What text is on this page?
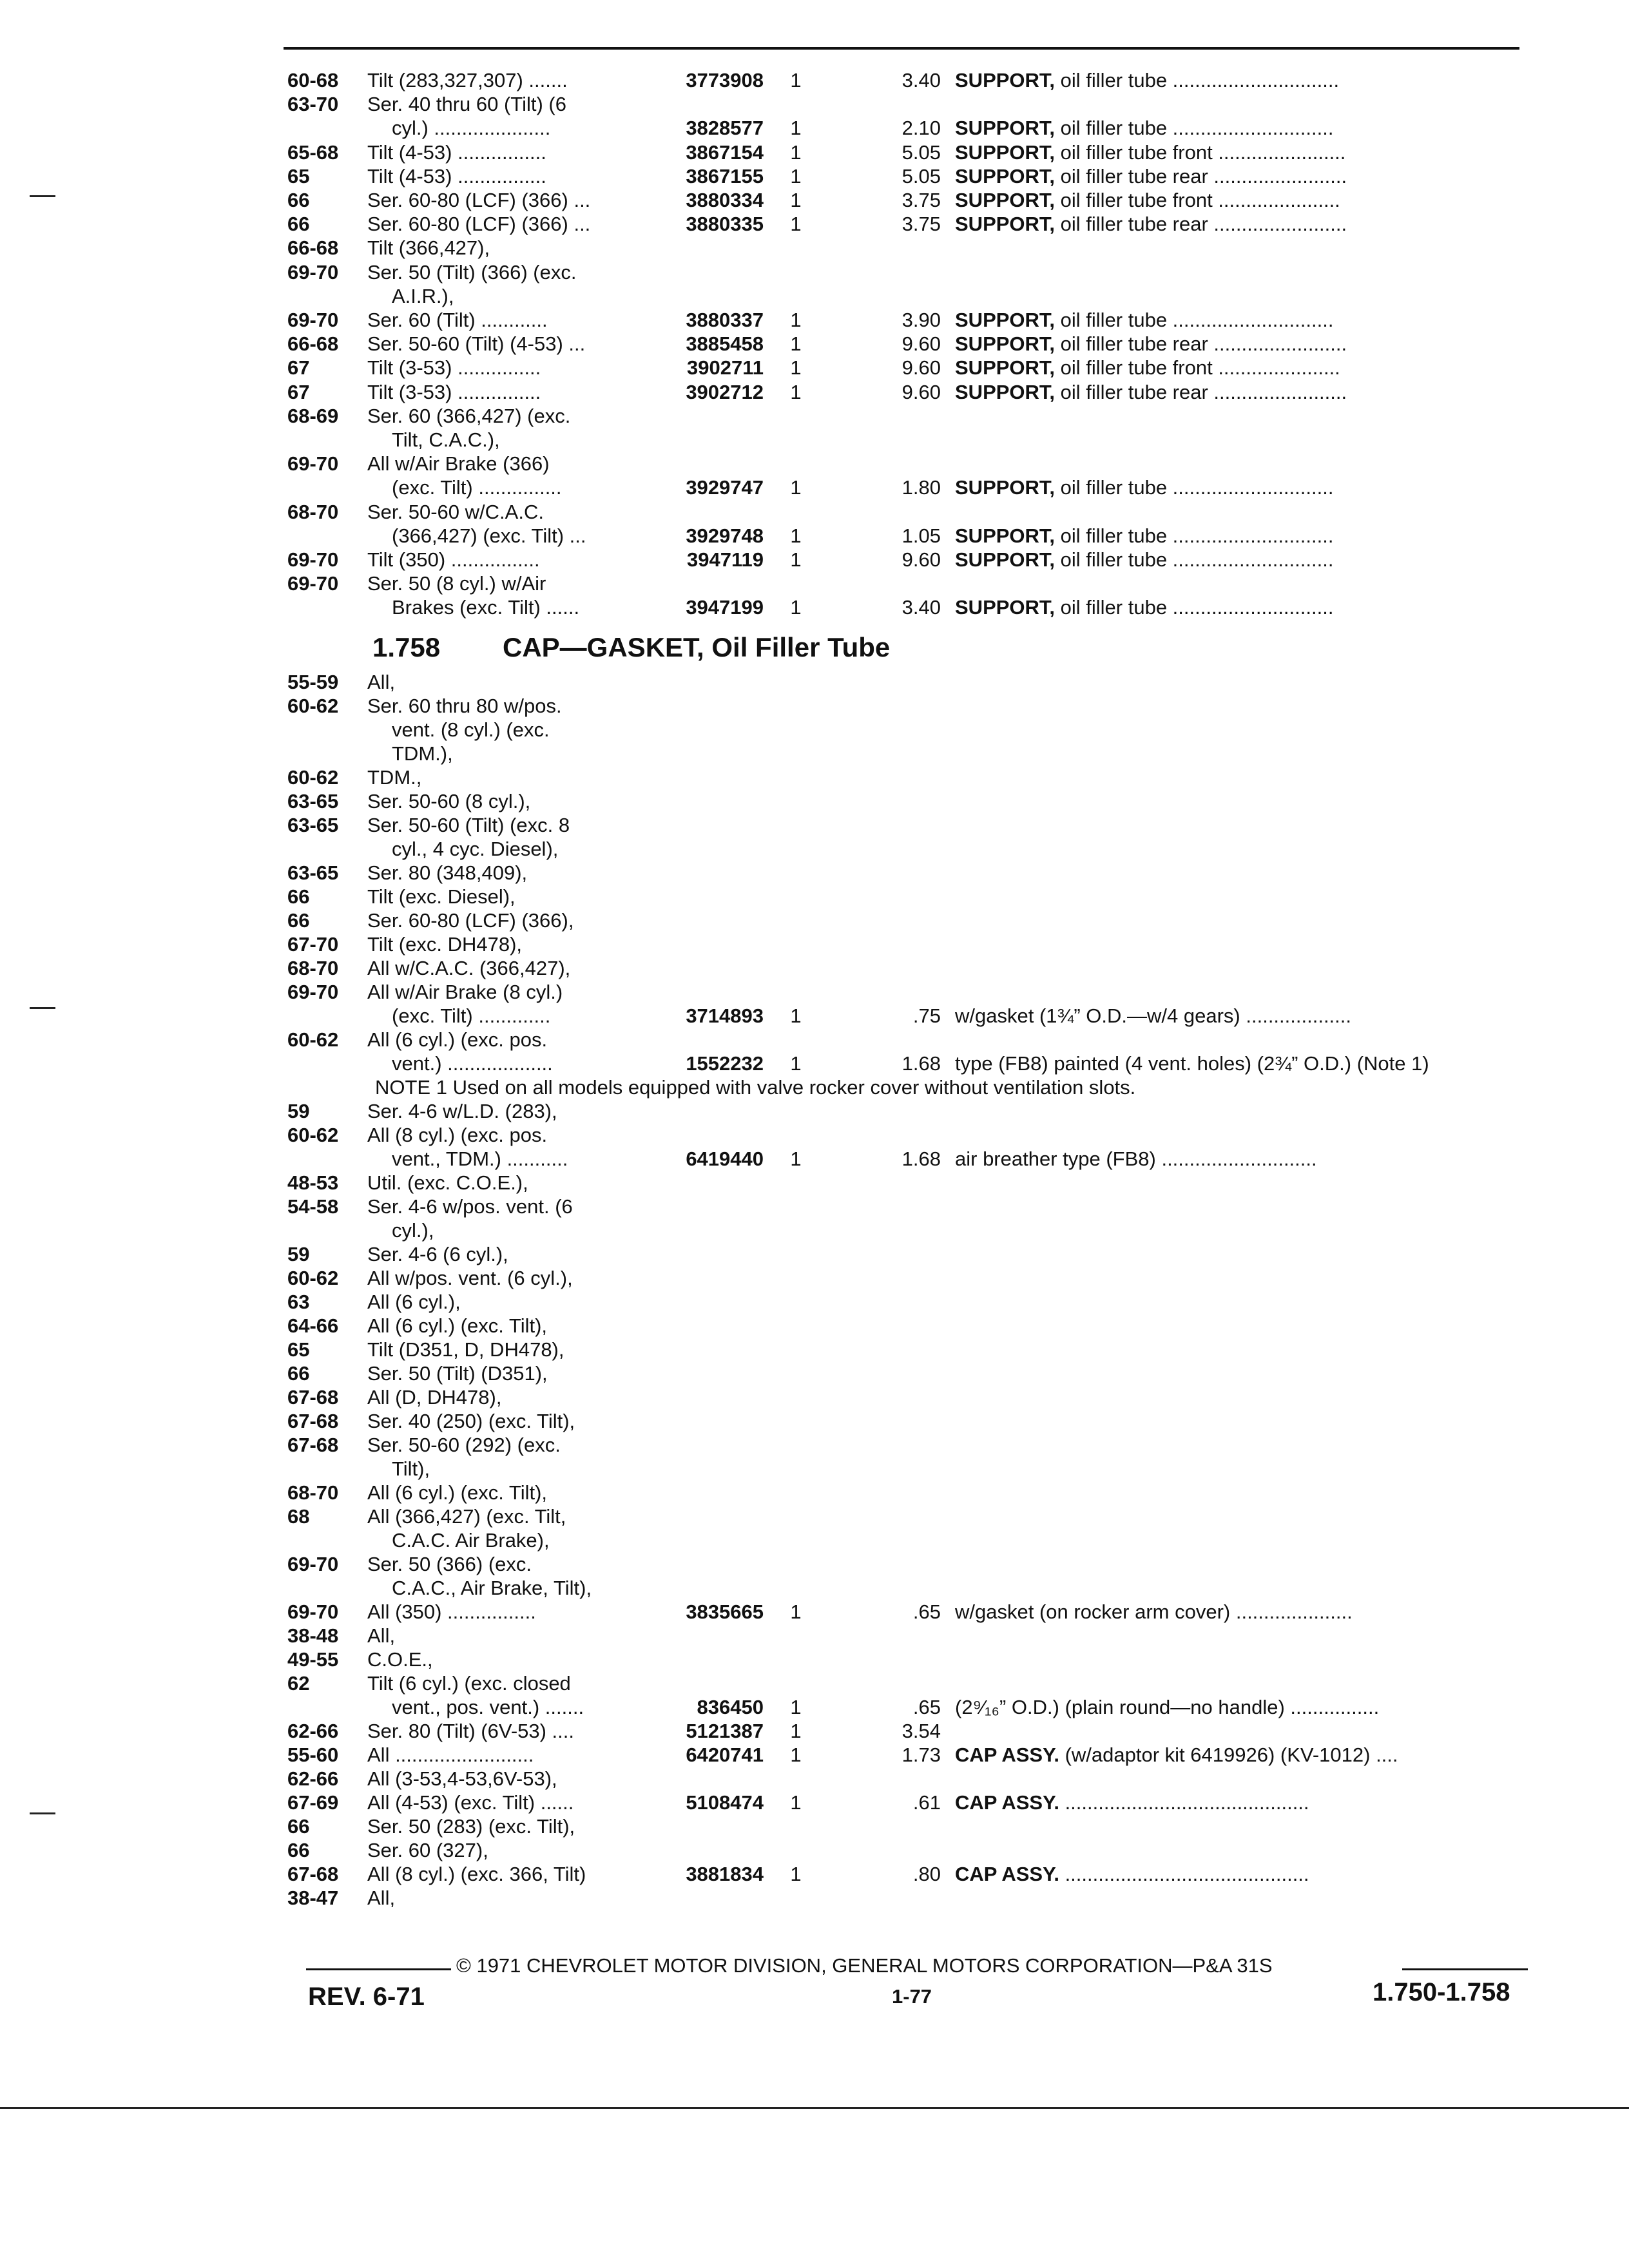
60-68 Tilt (283,327,307) .......	3773908 1	3.40 SUPPORT, oil filler tube ..............................
63-70 Ser. 40 thru 60 (Tilt) (6
cyl.) .....................	3828577 1	2.10 SUPPORT, oil filler tube .............................
65-68 Tilt (4-53) ................	3867154 1	5.05 SUPPORT, oil filler tube front .......................
65	Tilt (4-53) ................	3867155 1	5.05 SUPPORT, oil filler tube rear ........................
66	Ser. 60-80 (LCF) (366) ...	3880334 1	3.75 SUPPORT, oil filler tube front ......................
66	Ser. 60-80 (LCF) (366) ...	3880335 1	3.75 SUPPORT, oil filler tube rear ........................
66-68 Tilt (366,427),
69-70 Ser. 50 (Tilt) (366) (exc.
A.I.R.),
69-70 Ser. 60 (Tilt) ............	3880337 1	3.90 SUPPORT, oil filler tube .............................
66-68 Ser. 50-60 (Tilt) (4-53) ...	3885458 1	9.60 SUPPORT, oil filler tube rear ........................
67	Tilt (3-53) ...............	3902711 1	9.60 SUPPORT, oil filler tube front ......................
67	Tilt (3-53) ...............	3902712 1	9.60 SUPPORT, oil filler tube rear ........................
68-69 Ser. 60 (366,427) (exc.
Tilt, C.A.C.),
69-70 All w/Air Brake (366)
(exc. Tilt) ...............	3929747 1	1.80 SUPPORT, oil filler tube .............................
68-70 Ser. 50-60 w/C.A.C.
(366,427) (exc. Tilt) ...	3929748 1	1.05 SUPPORT, oil filler tube .............................
69-70 Tilt (350) ................	3947119 1	9.60 SUPPORT, oil filler tube .............................
69-70 Ser. 50 (8 cyl.) w/Air
Brakes (exc. Tilt) ......	3947199 1	3.40 SUPPORT, oil filler tube .............................
1.758 CAP—GASKET, Oil Filler Tube
55-59 All,
60-62 Ser. 60 thru 80 w/pos.
vent. (8 cyl.) (exc.
TDM.),
60-62 TDM.,
63-65 Ser. 50-60 (8 cyl.),
63-65 Ser. 50-60 (Tilt) (exc. 8
cyl., 4 cyc. Diesel),
63-65 Ser. 80 (348,409),
66	Tilt (exc. Diesel),
66	Ser. 60-80 (LCF) (366),
67-70 Tilt (exc. DH478),
68-70 All w/C.A.C. (366,427),
69-70 All w/Air Brake (8 cyl.)
(exc. Tilt) .............	3714893 1	.75 w/gasket (1¾” O.D.—w/4 gears) ...................
60-62 All (6 cyl.) (exc. pos.
vent.) ...................	1552232 1	1.68 type (FB8) painted (4 vent. holes) (2¾” O.D.) (Note 1)
NOTE 1 Used on all models equipped with valve rocker cover without ventilation slots.
59	Ser. 4-6 w/L.D. (283),
60-62 All (8 cyl.) (exc. pos.
vent., TDM.) ...........	6419440 1	1.68 air breather type (FB8) ............................
48-53 Util. (exc. C.O.E.),
54-58 Ser. 4-6 w/pos. vent. (6
cyl.),
59	Ser. 4-6 (6 cyl.),
60-62 All w/pos. vent. (6 cyl.),
63	All (6 cyl.),
64-66 All (6 cyl.) (exc. Tilt),
65	Tilt (D351, D, DH478),
66	Ser. 50 (Tilt) (D351),
67-68 All (D, DH478),
67-68 Ser. 40 (250) (exc. Tilt),
67-68 Ser. 50-60 (292) (exc.
Tilt),
68-70 All (6 cyl.) (exc. Tilt),
68	All (366,427) (exc. Tilt,
C.A.C. Air Brake),
69-70 Ser. 50 (366) (exc.
C.A.C., Air Brake, Tilt),
69-70 All (350) ................	3835665 1	.65 w/gasket (on rocker arm cover) .....................
38-48 All,
49-55 C.O.E.,
62	Tilt (6 cyl.) (exc. closed
vent., pos. vent.) .......	836450 1	.65 (2⁹⁄₁₆” O.D.) (plain round—no handle) ................
62-66 Ser. 80 (Tilt) (6V-53) ....	5121387 1	3.54
55-60 All .........................	6420741 1	1.73 CAP ASSY. (w/adaptor kit 6419926) (KV-1012) ....
62-66 All (3-53,4-53,6V-53),
67-69 All (4-53) (exc. Tilt) ......	5108474 1	.61 CAP ASSY. ............................................
66	Ser. 50 (283) (exc. Tilt),
66	Ser. 60 (327),
67-68 All (8 cyl.) (exc. 366, Tilt)	3881834 1	.80 CAP ASSY. ............................................
38-47 All,
© 1971 CHEVROLET MOTOR DIVISION, GENERAL MOTORS CORPORATION—P&A 31S
REV. 6-71	1-77	1.750-1.758
